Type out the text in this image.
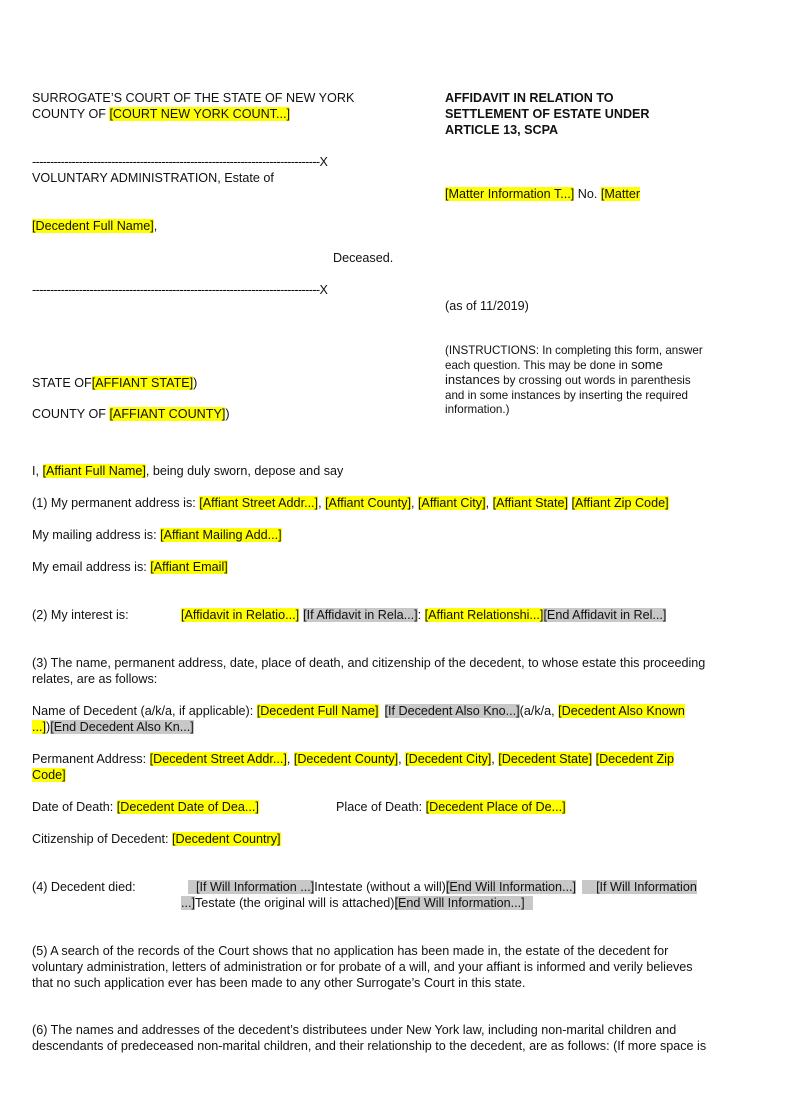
SURROGATE’S COURT OF THE STATE OF NEW YORK
COUNTY OF [COURT NEW YORK COUNT...]
AFFIDAVIT IN RELATION TO
SETTLEMENT OF ESTATE UNDER
ARTICLE 13, SCPA
--------------------------------------------------------------------------------X
VOLUNTARY ADMINISTRATION, Estate of
[Matter Information T...] No. [Matter
[Decedent Full Name],
Deceased.
--------------------------------------------------------------------------------X
(as of 11/2019)
(INSTRUCTIONS: In completing this form, answer
each question. This may be done in some
instances by crossing out words in parenthesis
and in some instances by inserting the required
information.)
STATE OF[AFFIANT STATE])
COUNTY OF [AFFIANT COUNTY])
I, [Affiant Full Name], being duly sworn, depose and say
(1) My permanent address is: [Affiant Street Addr...], [Affiant County], [Affiant City], [Affiant State] [Affiant Zip Code]
My mailing address is: [Affiant Mailing Add...]
My email address is: [Affiant Email]
(2) My interest is:	[Affidavit in Relatio...] [If Affidavit in Rela...]: [Affiant Relationshi...][End Affidavit in Rel...]
(3) The name, permanent address, date, place of death, and citizenship of the decedent, to whose estate this proceeding
relates, are as follows:
Name of Decedent (a/k/a, if applicable): [Decedent Full Name] [If Decedent Also Kno...](a/k/a, [Decedent Also Known
...])[End Decedent Also Kn...]
Permanent Address: [Decedent Street Addr...], [Decedent County], [Decedent City], [Decedent State] [Decedent Zip
Code]
Date of Death: [Decedent Date of Dea...]	Place of Death: [Decedent Place of De...]
Citizenship of Decedent: [Decedent Country]
(4) Decedent died:	[If Will Information ...]Intestate (without a will)[End Will Information...] [If Will Information
...]Testate (the original will is attached)[End Will Information...]
(5) A search of the records of the Court shows that no application has been made in, the estate of the decedent for
voluntary administration, letters of administration or for probate of a will, and your affiant is informed and verily believes
that no such application ever has been made to any other Surrogate’s Court in this state.
(6) The names and addresses of the decedent’s distributees under New York law, including non-marital children and
descendants of predeceased non-marital children, and their relationship to the decedent, are as follows: (If more space is
